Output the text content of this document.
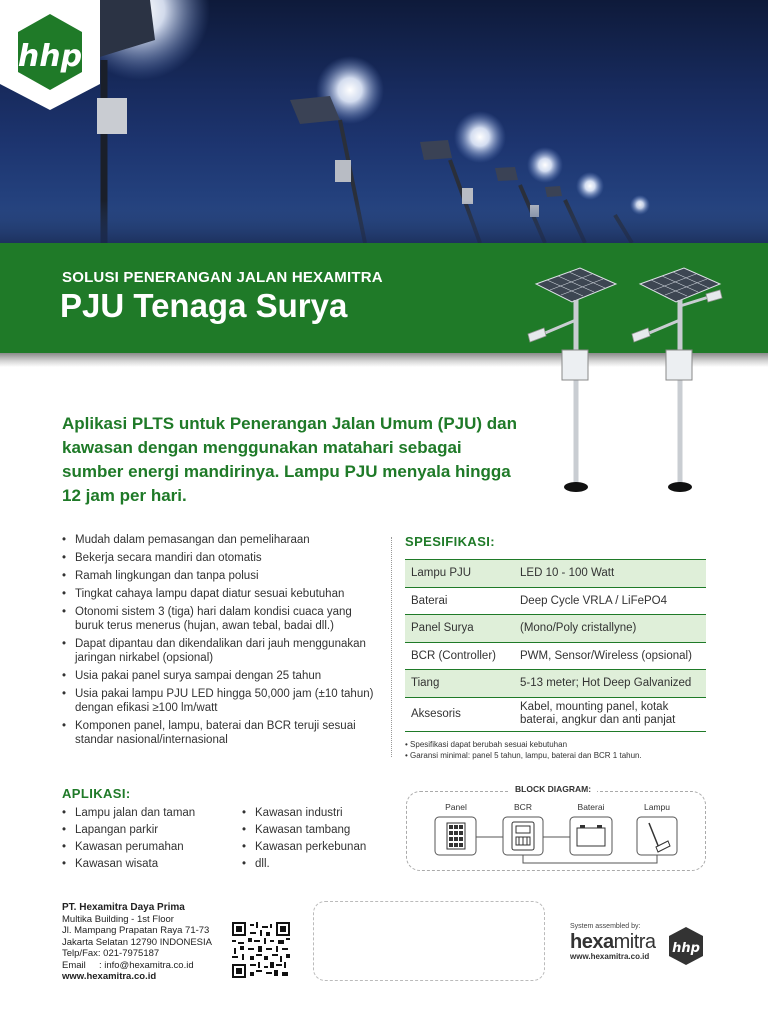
hhp
SOLUSI PENERANGAN JALAN HEXAMITRA
PJU Tenaga Surya
Aplikasi PLTS untuk Penerangan Jalan Umum (PJU) dan kawasan dengan menggunakan matahari sebagai sumber energi mandirinya. Lampu PJU menyala hingga 12 jam per hari.
• Mudah dalam pemasangan dan pemeliharaan
• Bekerja secara mandiri dan otomatis
• Ramah lingkungan dan tanpa polusi
• Tingkat cahaya lampu dapat diatur sesuai kebutuhan
• Otonomi sistem 3 (tiga) hari dalam kondisi cuaca yang buruk terus menerus (hujan, awan tebal, badai dll.)
• Dapat dipantau dan dikendalikan dari jauh menggunakan jaringan nirkabel (opsional)
• Usia pakai panel surya sampai dengan 25 tahun
• Usia pakai lampu PJU LED hingga 50,000 jam (±10 tahun) dengan efikasi ≥100 lm/watt
• Komponen panel, lampu, baterai dan BCR teruji sesuai standar nasional/internasional
SPESIFIKASI:
Lampu PJU	LED 10 - 100 Watt
Baterai	Deep Cycle VRLA / LiFePO4
Panel Surya	(Mono/Poly cristallyne)
BCR (Controller)	PWM, Sensor/Wireless (opsional)
Tiang	5-13 meter; Hot Deep Galvanized
Aksesoris	Kabel, mounting panel, kotak baterai, angkur dan anti panjat
• Spesifikasi dapat berubah sesuai kebutuhan
• Garansi minimal: panel 5 tahun, lampu, baterai dan BCR 1 tahun.
APLIKASI:
• Lampu jalan dan taman
• Lapangan parkir
• Kawasan perumahan
• Kawasan wisata
• Kawasan industri
• Kawasan tambang
• Kawasan perkebunan
• dll.
Panel	BCR	Baterai	Lampu
BLOCK DIAGRAM:
PT. Hexamitra Daya Prima
Multika Building - 1st Floor
Jl. Mampang Prapatan Raya 71-73
Jakarta Selatan 12790 INDONESIA
Telp/Fax: 021-7975187
Email     : info@hexamitra.co.id
www.hexamitra.co.id
System assembled by:
hexamitra
www.hexamitra.co.id
hhp
